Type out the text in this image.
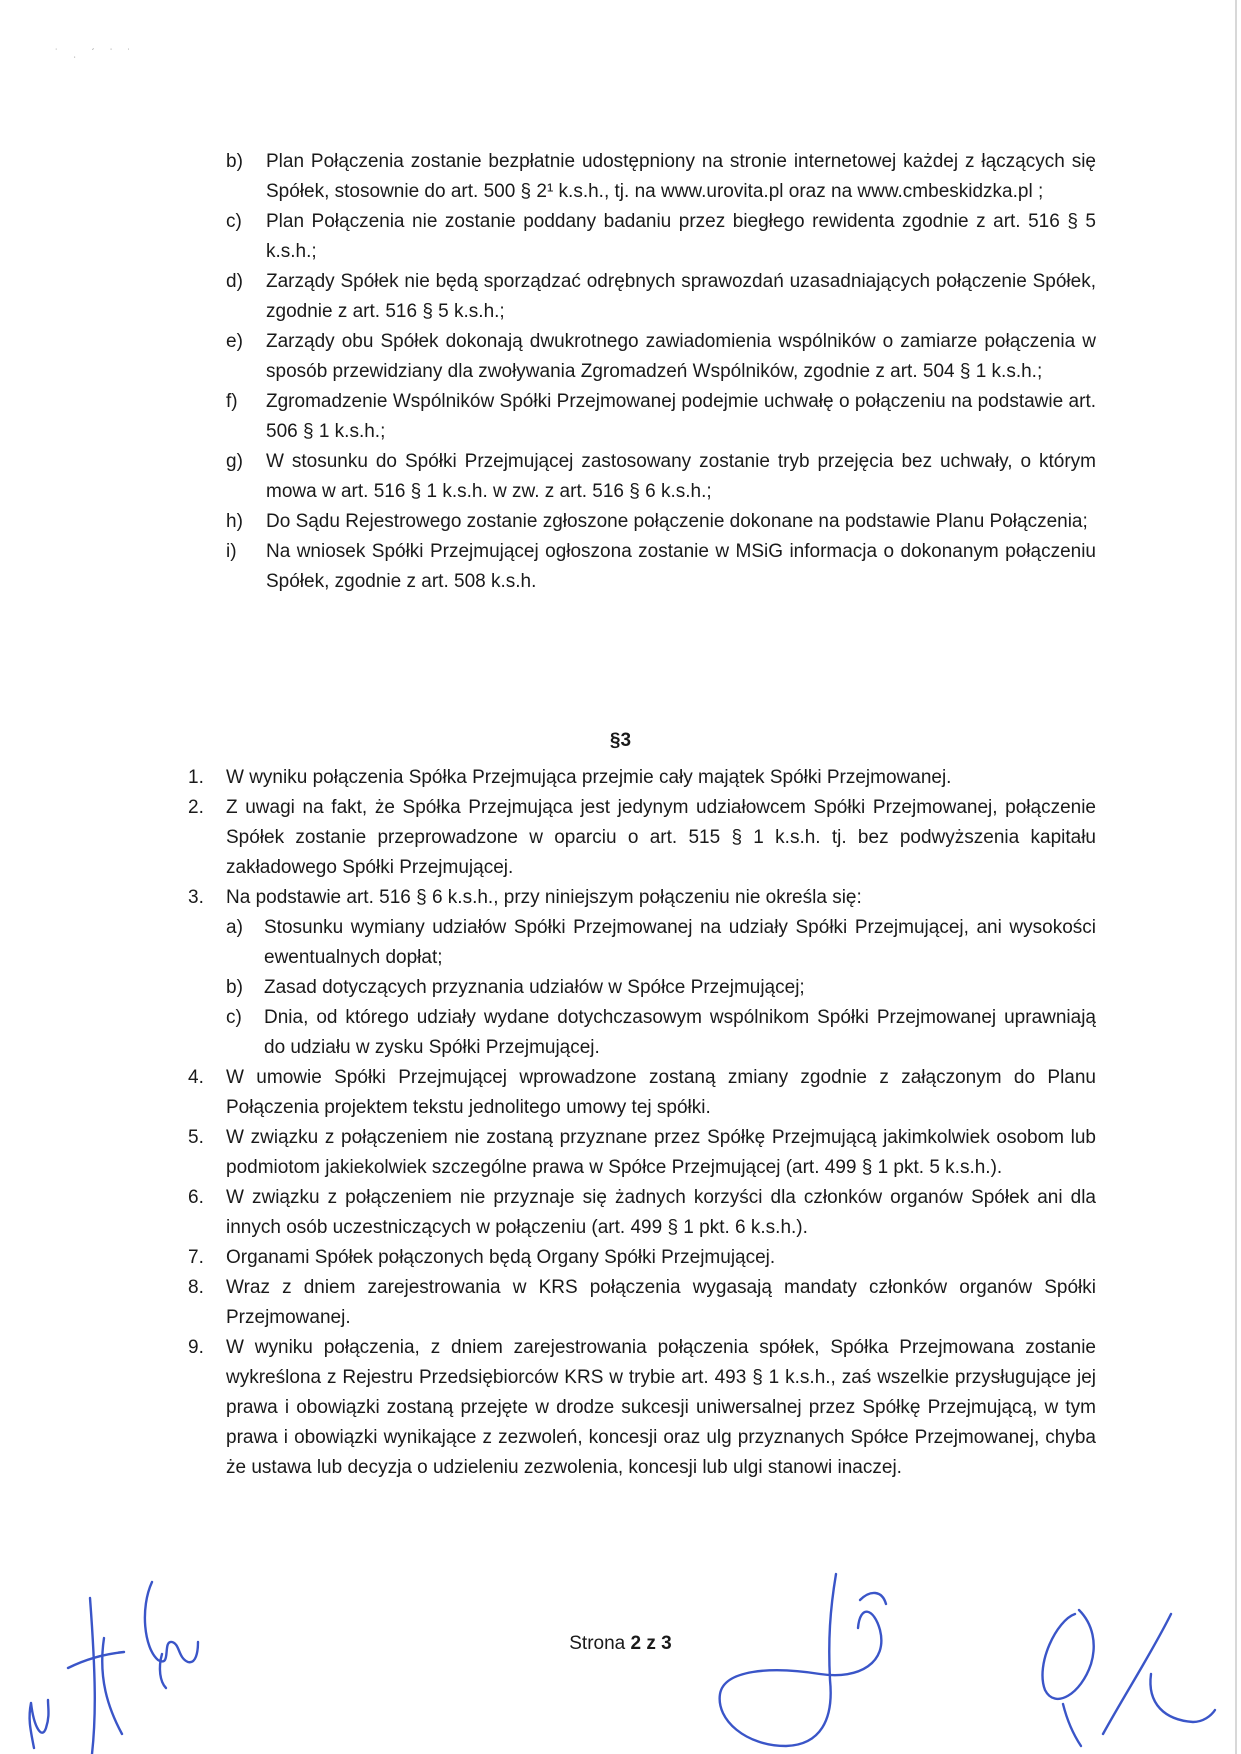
˙ ˌ ˊ ˈ ˙
b) Plan Połączenia zostanie bezpłatnie udostępniony na stronie internetowej każdej z łączących się Spółek, stosownie do art. 500 § 2¹ k.s.h., tj. na www.urovita.pl oraz na www.cmbeskidzka.pl ;
c) Plan Połączenia nie zostanie poddany badaniu przez biegłego rewidenta zgodnie z art. 516 § 5 k.s.h.;
d) Zarządy Spółek nie będą sporządzać odrębnych sprawozdań uzasadniających połączenie Spółek, zgodnie z art. 516 § 5 k.s.h.;
e) Zarządy obu Spółek dokonają dwukrotnego zawiadomienia wspólników o zamiarze połączenia w sposób przewidziany dla zwoływania Zgromadzeń Wspólników, zgodnie z art. 504 § 1 k.s.h.;
f) Zgromadzenie Wspólników Spółki Przejmowanej podejmie uchwałę o połączeniu na podstawie art. 506 § 1 k.s.h.;
g) W stosunku do Spółki Przejmującej zastosowany zostanie tryb przejęcia bez uchwały, o którym mowa w art. 516 § 1 k.s.h. w zw. z art. 516 § 6 k.s.h.;
h) Do Sądu Rejestrowego zostanie zgłoszone połączenie dokonane na podstawie Planu Połączenia;
i) Na wniosek Spółki Przejmującej ogłoszona zostanie w MSiG informacja o dokonanym połączeniu Spółek, zgodnie z art. 508 k.s.h.
§3
1. W wyniku połączenia Spółka Przejmująca przejmie cały majątek Spółki Przejmowanej.
2. Z uwagi na fakt, że Spółka Przejmująca jest jedynym udziałowcem Spółki Przejmowanej, połączenie Spółek zostanie przeprowadzone w oparciu o art. 515 § 1 k.s.h. tj. bez podwyższenia kapitału zakładowego Spółki Przejmującej.
3. Na podstawie art. 516 § 6 k.s.h., przy niniejszym połączeniu nie określa się:
a) Stosunku wymiany udziałów Spółki Przejmowanej na udziały Spółki Przejmującej, ani wysokości ewentualnych dopłat;
b) Zasad dotyczących przyznania udziałów w Spółce Przejmującej;
c) Dnia, od którego udziały wydane dotychczasowym wspólnikom Spółki Przejmowanej uprawniają do udziału w zysku Spółki Przejmującej.
4. W umowie Spółki Przejmującej wprowadzone zostaną zmiany zgodnie z załączonym do Planu Połączenia projektem tekstu jednolitego umowy tej spółki.
5. W związku z połączeniem nie zostaną przyznane przez Spółkę Przejmującą jakimkolwiek osobom lub podmiotom jakiekolwiek szczególne prawa w Spółce Przejmującej (art. 499 § 1 pkt. 5 k.s.h.).
6. W związku z połączeniem nie przyznaje się żadnych korzyści dla członków organów Spółek ani dla innych osób uczestniczących w połączeniu (art. 499 § 1 pkt. 6 k.s.h.).
7. Organami Spółek połączonych będą Organy Spółki Przejmującej.
8. Wraz z dniem zarejestrowania w KRS połączenia wygasają mandaty członków organów Spółki Przejmowanej.
9. W wyniku połączenia, z dniem zarejestrowania połączenia spółek, Spółka Przejmowana zostanie wykreślona z Rejestru Przedsiębiorców KRS w trybie art. 493 § 1 k.s.h., zaś wszelkie przysługujące jej prawa i obowiązki zostaną przejęte w drodze sukcesji uniwersalnej przez Spółkę Przejmującą, w tym prawa i obowiązki wynikające z zezwoleń, koncesji oraz ulg przyznanych Spółce Przejmowanej, chyba że ustawa lub decyzja o udzieleniu zezwolenia, koncesji lub ulgi stanowi inaczej.
Strona 2 z 3
